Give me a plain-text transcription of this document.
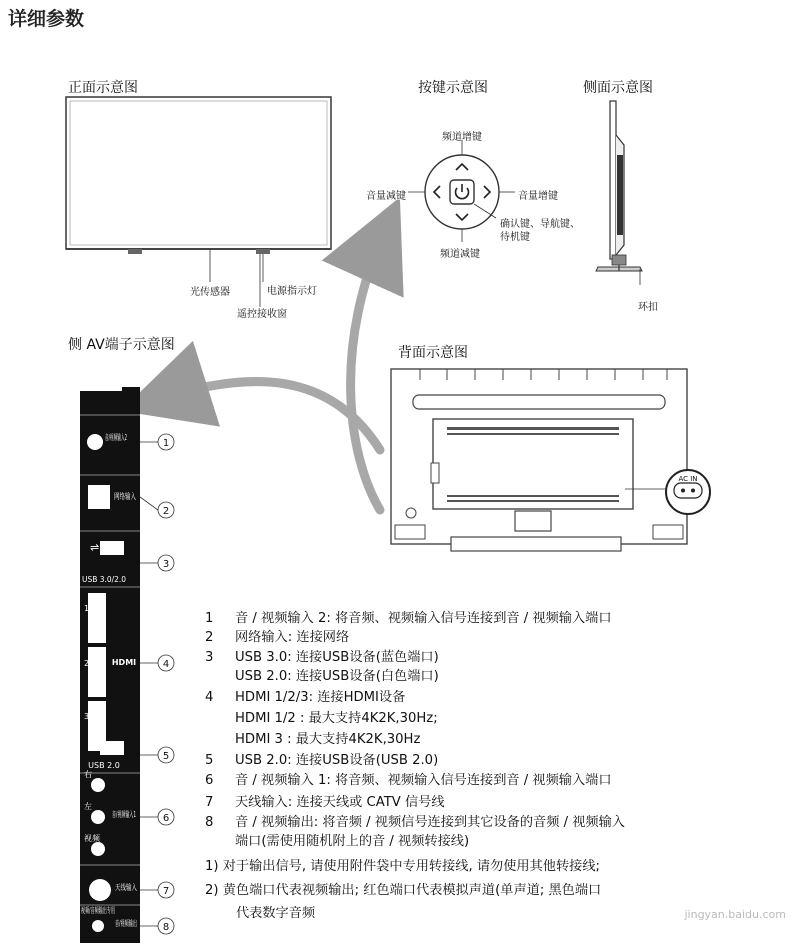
详细参数
正面示意图	按键示意图	侧面示意图
侧 AV端子示意图	背面示意图
光传感器	电源指示灯
遥控接收窗
频道增键
频道减键
音量减键	音量增键
确认键、导航键、
待机键
环扣
AC IN
网络输入
⇌
USB 3.0/2.0
1
2
3
HDMI
⇌
USB 2.0
右
左
视频
音/视频输入1
天线输入
视频/音频输出专用
音/视频输出
1
2
3
4
5
6
7
8
1 音 / 视频输入 2: 将音频、视频输入信号连接到音 / 视频输入端口
2 网络输入: 连接网络
3 USB 3.0: 连接USB设备(蓝色端口)
USB 2.0: 连接USB设备(白色端口)
4 HDMI 1/2/3: 连接HDMI设备
HDMI 1/2 : 最大支持4K2K,30Hz;
HDMI 3 : 最大支持4K2K,30Hz
5 USB 2.0: 连接USB设备(USB 2.0)
6 音 / 视频输入 1: 将音频、视频输入信号连接到音 / 视频输入端口
7 天线输入: 连接天线或 CATV 信号线
8 音 / 视频输出: 将音频 / 视频信号连接到其它设备的音频 / 视频输入
端口(需使用随机附上的音 / 视频转接线)
1) 对于输出信号, 请使用附件袋中专用转接线, 请勿使用其他转接线;
2) 黄色端口代表视频输出; 红色端口代表模拟声道(单声道; 黑色端口
代表数字音频	jingyan.baidu.com
